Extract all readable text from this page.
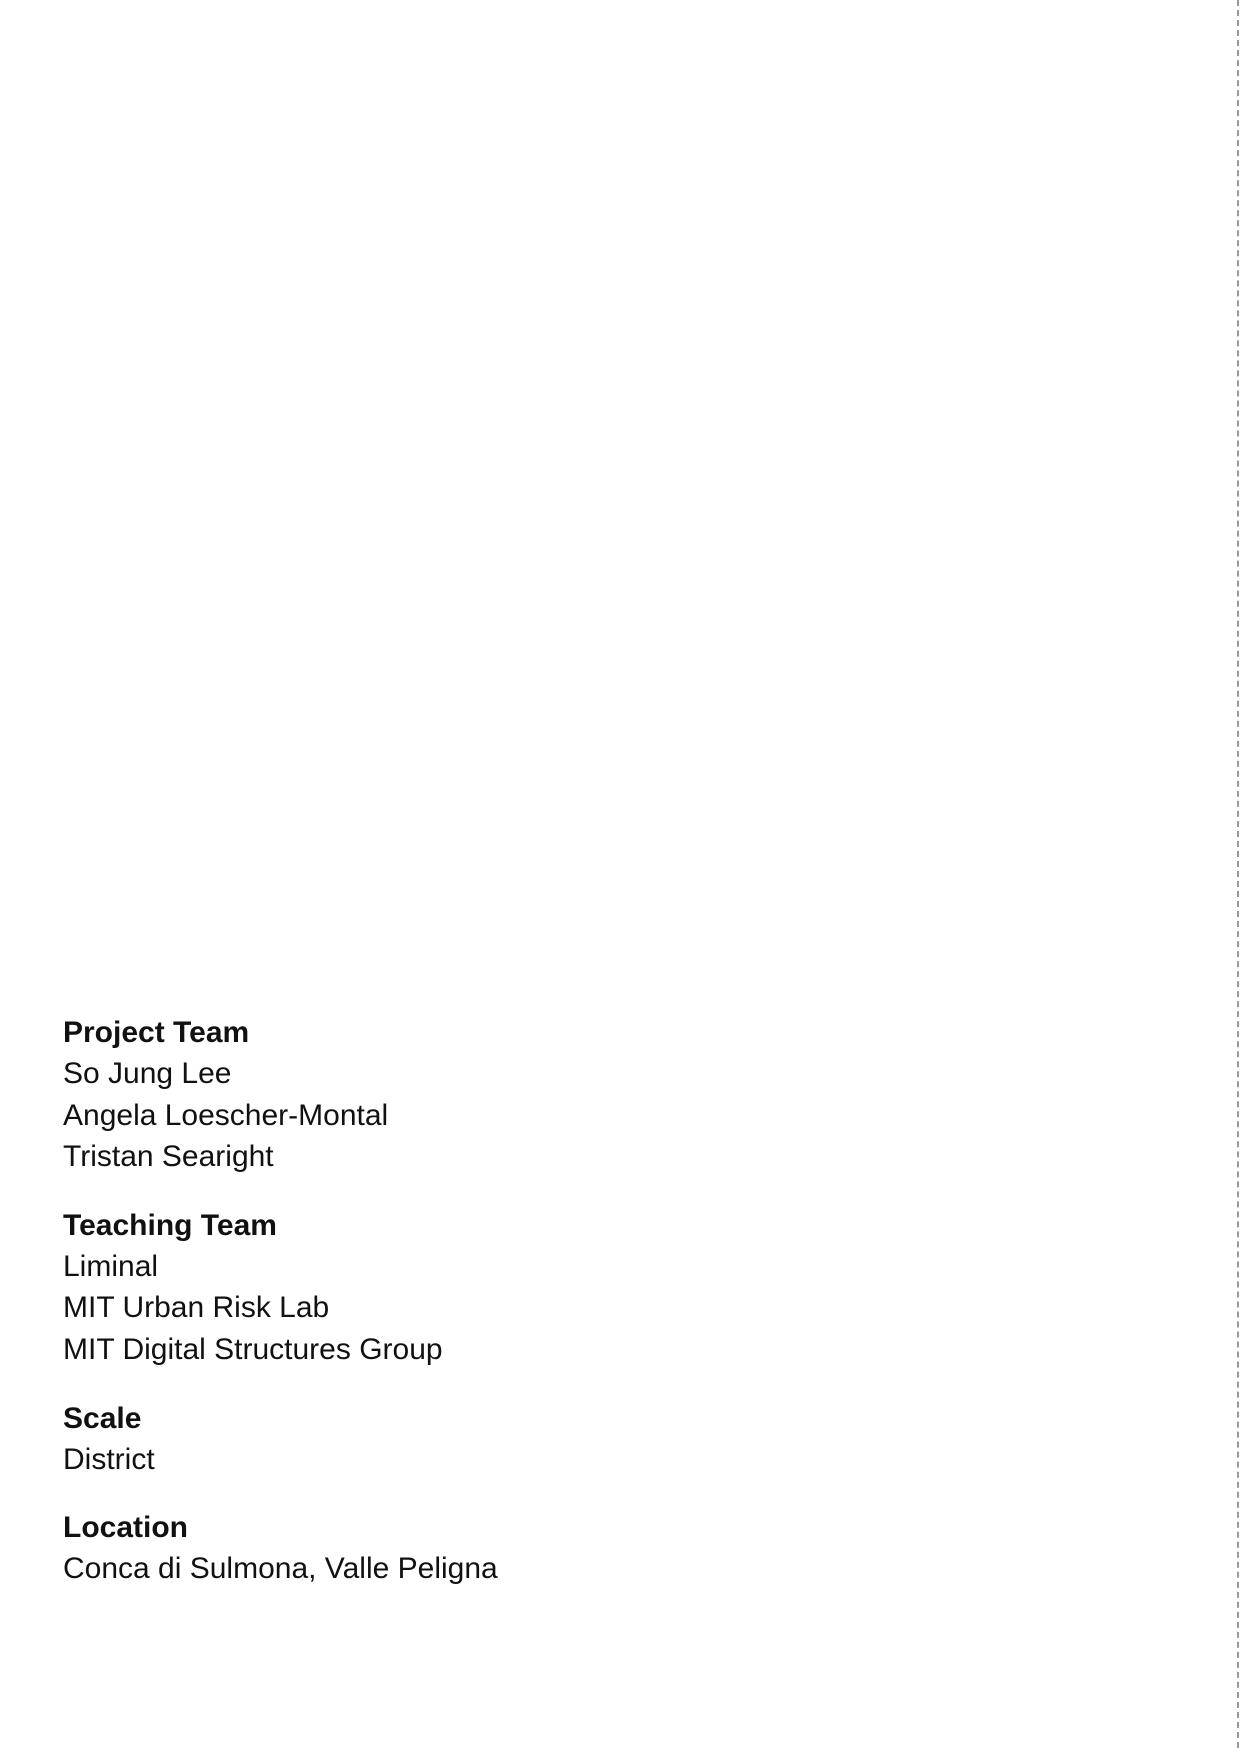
Project Team

So Jung Lee

Angela Loescher-Montal

Tristan Searight

Teaching Team

Liminal

MIT Urban Risk Lab

MIT Digital Structures Group

Scale

District

Location

Conca di Sulmona, Valle Peligna
